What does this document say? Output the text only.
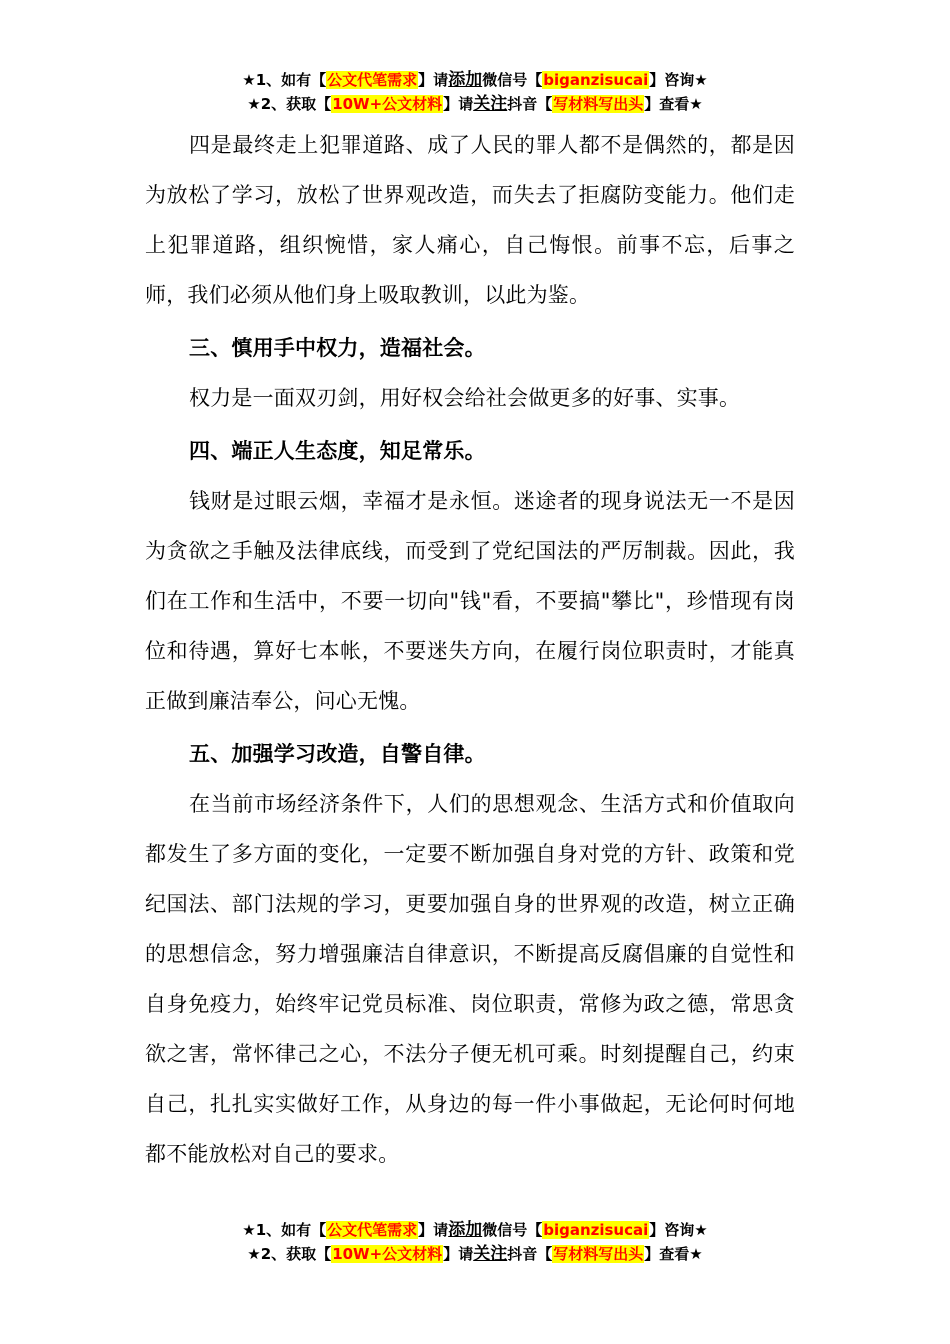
★1、如有【公文代笔需求】请添加微信号【biganzisucai】咨询★
★2、获取【10W+公文材料】请关注抖音【写材料写出头】查看★

四是最终走上犯罪道路、成了人民的罪人都不是偶然的，都是因为放松了学习，放松了世界观改造，而失去了拒腐防变能力。他们走上犯罪道路，组织惋惜，家人痛心，自己悔恨。前事不忘，后事之师，我们必须从他们身上吸取教训，以此为鉴。

三、慎用手中权力，造福社会。

权力是一面双刃剑，用好权会给社会做更多的好事、实事。

四、端正人生态度，知足常乐。

钱财是过眼云烟，幸福才是永恒。迷途者的现身说法无一不是因为贪欲之手触及法律底线，而受到了党纪国法的严厉制裁。因此，我们在工作和生活中，不要一切向"钱"看，不要搞"攀比"，珍惜现有岗位和待遇，算好七本帐，不要迷失方向，在履行岗位职责时，才能真正做到廉洁奉公，问心无愧。

五、加强学习改造，自警自律。

在当前市场经济条件下，人们的思想观念、生活方式和价值取向都发生了多方面的变化，一定要不断加强自身对党的方针、政策和党纪国法、部门法规的学习，更要加强自身的世界观的改造，树立正确的思想信念，努力增强廉洁自律意识，不断提高反腐倡廉的自觉性和自身免疫力，始终牢记党员标准、岗位职责，常修为政之德，常思贪欲之害，常怀律己之心，不法分子便无机可乘。时刻提醒自己，约束自己，扎扎实实做好工作，从身边的每一件小事做起，无论何时何地都不能放松对自己的要求。

★1、如有【公文代笔需求】请添加微信号【biganzisucai】咨询★
★2、获取【10W+公文材料】请关注抖音【写材料写出头】查看★
